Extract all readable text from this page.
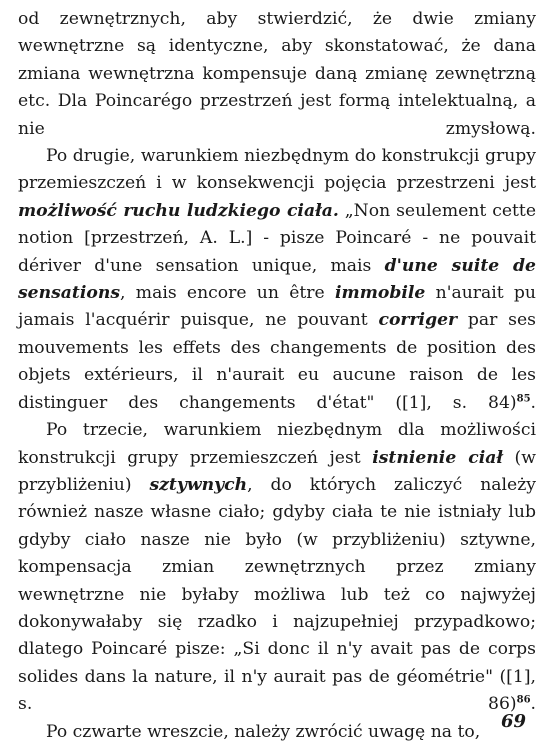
od zewnętrznych, aby stwierdzić, że dwie zmiany wewnętrzne są identyczne, aby skonstatować, że dana zmiana wewnętrzna kompensuje daną zmianę zewnętrzną etc. Dla Poincarégo przestrzeń jest formą intelektualną, a nie zmysłową.

Po drugie, warunkiem niezbędnym do konstrukcji grupy przemieszczeń i w konsekwencji pojęcia przestrzeni jest możliwość ruchu ludzkiego ciała. „Non seulement cette notion [przestrzeń, A. L.] - pisze Poincaré - ne pouvait dériver d'une sensation unique, mais d'une suite de sensations, mais encore un être immobile n'aurait pu jamais l'acquérir puisque, ne pouvant corriger par ses mouvements les effets des changements de position des objets extérieurs, il n'aurait eu aucune raison de les distinguer des changements d'état" ([1], s. 84)$^{85}$.

Po trzecie, warunkiem niezbędnym dla możliwości konstrukcji grupy przemieszczeń jest istnienie ciał (w przybliżeniu) sztywnych, do których zaliczyć należy również nasze własne ciało; gdyby ciała te nie istniały lub gdyby ciało nasze nie było (w przybliżeniu) sztywne, kompensacja zmian zewnętrznych przez zmiany wewnętrzne nie byłaby możliwa lub też co najwyżej dokonywałaby się rzadko i najzupełniej przypadkowo; dlatego Poincaré pisze: „Si donc il n'y avait pas de corps solides dans la nature, il n'y aurait pas de géométrie" ([1], s. 86)$^{86}$.

Po czwarte wreszcie, należy zwrócić uwagę na to,	69
